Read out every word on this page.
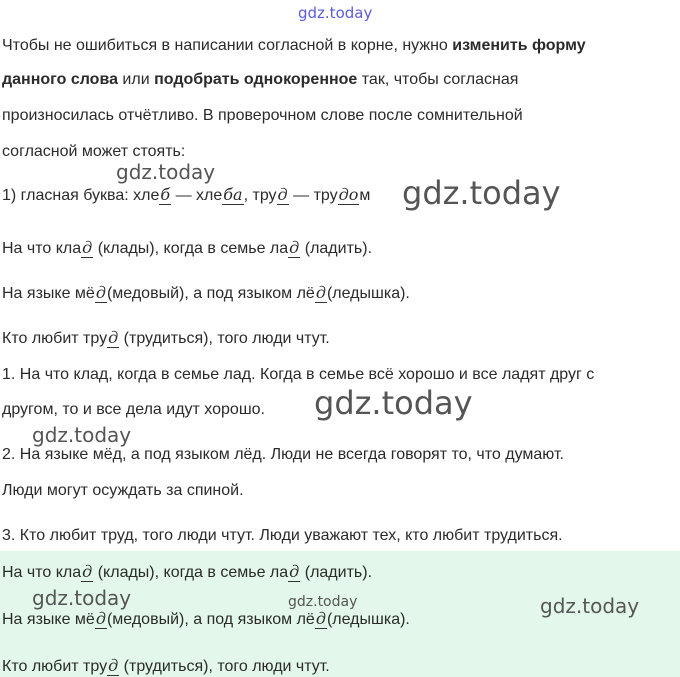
gdz.today
Чтобы не ошибиться в написании согласной в корне, нужно изменить форму
данного слова или подобрать однокоренное так, чтобы согласная
произносилась отчётливо. В проверочном слове после сомнительной
согласной может стоять:
gdz.today
1) гласная буква: хлеб — хлеба, труд — трудом gdz.today
На что клад (клады), когда в семье лад (ладить).
На языке мёд(медовый), а под языком лёд(ледышка).
Кто любит труд (трудиться), того люди чтут.
1. На что клад, когда в семье лад. Когда в семье всё хорошо и все ладят друг с
другом, то и все дела идут хорошо. gdz.today
gdz.today
2. На языке мёд, а под языком лёд. Люди не всегда говорят то, что думают.
Люди могут осуждать за спиной.
3. Кто любит труд, того люди чтут. Люди уважают тех, кто любит трудиться.
На что клад (клады), когда в семье лад (ладить).
gdz.today	gdz.today	gdz.today
На языке мёд(медовый), а под языком лёд(ледышка).
Кто любит труд (трудиться), того люди чтут.
